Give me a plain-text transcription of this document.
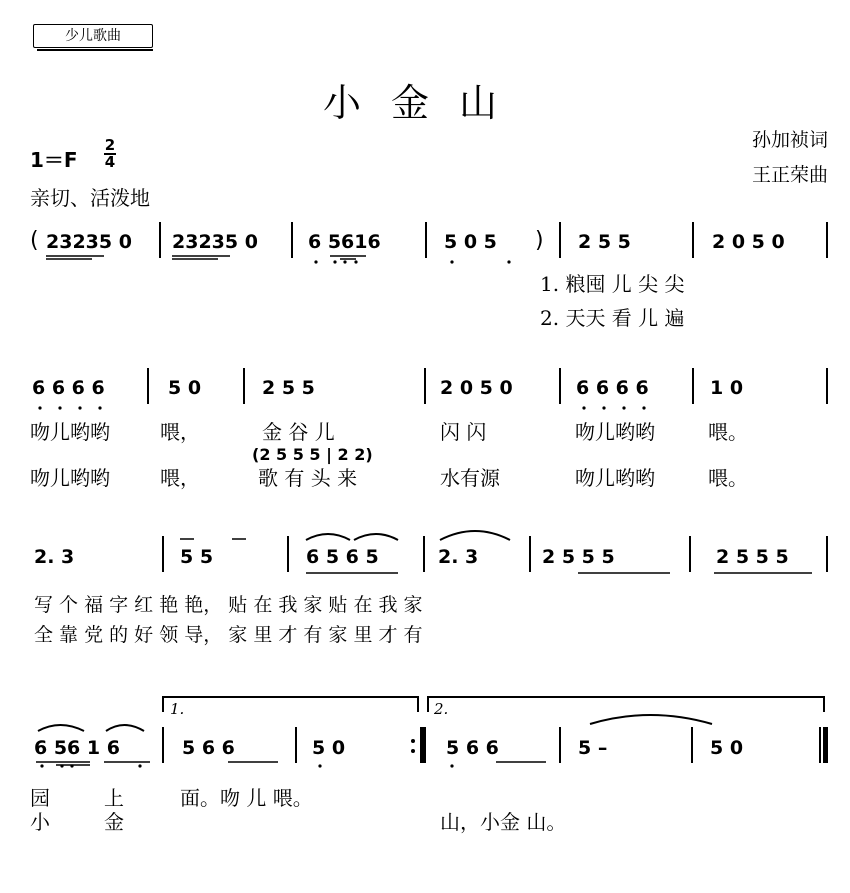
少儿歌曲
小金山
孙加祯词
王正荣曲
1＝F
2
4
亲切、活泼地
( 23235 0 23235 0	6 5616	5 0 5 ) 2 5 5	2 0 5 0
1. 粮囤 儿 尖 尖
2. 天天 看 儿 遍
6 6 6 6	5 0	2 5 5	2 0 5 0	6 6 6 6	1 0
(2 5 5 5 | 2 2)
吻儿哟哟	喂，	金 谷 儿	闪 闪	吻儿哟哟	喂。
吻儿哟哟	喂，	歌 有 头 来	水有源	吻儿哟哟	喂。
2. 3	5 5	6 5 6 5	2. 3	2 5 5 5	2 5 5 5
写 个 福 字 红 艳 艳， 贴 在 我 家 贴 在 我 家
全 靠 党 的 好 领 导， 家 里 才 有 家 里 才 有
1.	2.
6 56 1 6	5 6 6	5 0	5 6 6	5 –	5 0
园	上	面。吻 儿 喂。
小	金	山，小金 山。
